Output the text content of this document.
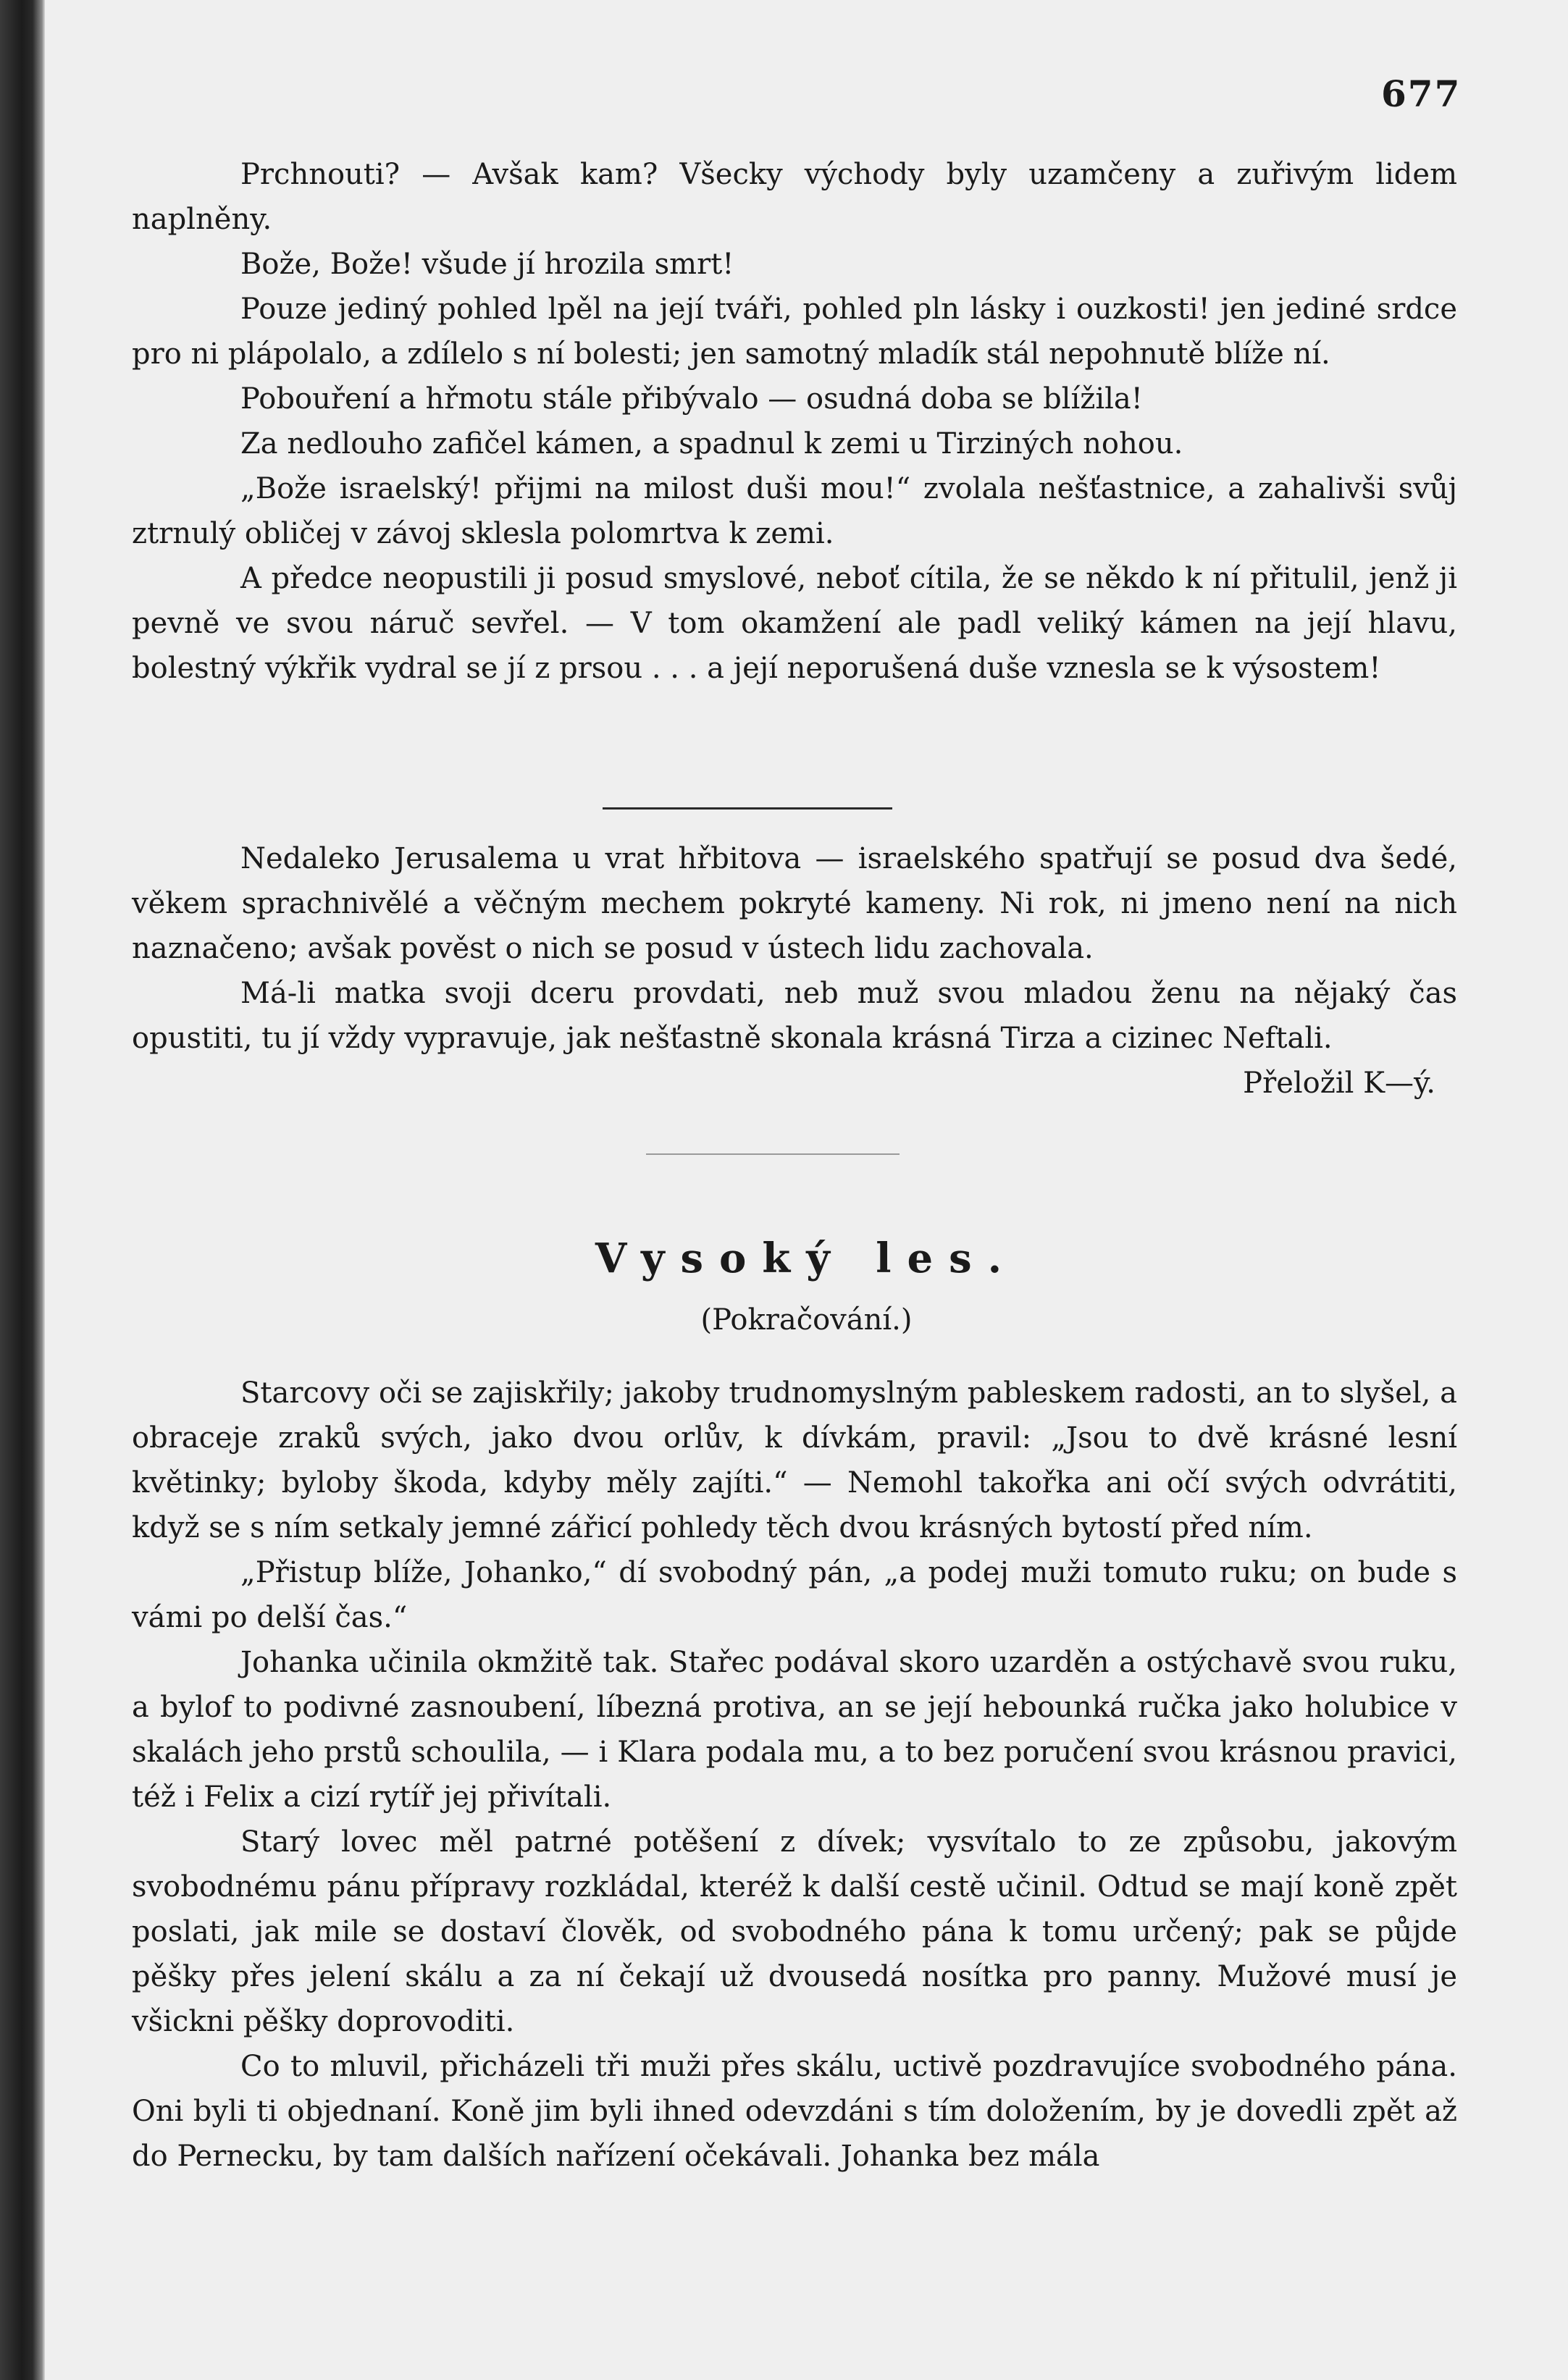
677

Prchnouti? — Avšak kam? Všecky východy byly uzamčeny a zuřivým lidem naplněny.

Bože, Bože! všude jí hrozila smrt!

Pouze jediný pohled lpěl na její tváři, pohled pln lásky i ouzkosti! jen jediné srdce pro ni plápolalo, a zdílelo s ní bolesti; jen samotný mladík stál nepohnutě blíže ní.

Pobouření a hřmotu stále přibývalo — osudná doba se blížila!

Za nedlouho zafičel kámen, a spadnul k zemi u Tirziných nohou.

„Bože israelský! přijmi na milost duši mou!“ zvolala nešťastnice, a zahalivši svůj ztrnulý obličej v závoj sklesla polomrtva k zemi.

A předce neopustili ji posud smyslové, neboť cítila, že se někdo k ní přitulil, jenž ji pevně ve svou náruč sevřel. — V tom okamžení ale padl veliký kámen na její hlavu, bolestný výkřik vydral se jí z prsou . . . a její neporušená duše vznesla se k výsostem!

Nedaleko Jerusalema u vrat hřbitova — israelského spatřují se posud dva šedé, věkem sprachnivělé a věčným mechem pokryté kameny. Ni rok, ni jmeno není na nich naznačeno; avšak pověst o nich se posud v ústech lidu zachovala.

Má-li matka svoji dceru provdati, neb muž svou mladou ženu na nějaký čas opustiti, tu jí vždy vypravuje, jak nešťastně skonala krásná Tirza a cizinec Neftali.

Přeložil K—ý.

Vysoký les.
(Pokračování.)

Starcovy oči se zajiskřily; jakoby trudnomyslným pableskem radosti, an to slyšel, a obraceje zraků svých, jako dvou orlův, k dívkám, pravil: „Jsou to dvě krásné lesní květinky; byloby škoda, kdyby měly zajíti.“ — Nemohl takořka ani očí svých odvrátiti, když se s ním setkaly jemné zářicí pohledy těch dvou krásných bytostí před ním.

„Přistup blíže, Johanko,“ dí svobodný pán, „a podej muži tomuto ruku; on bude s vámi po delší čas.“

Johanka učinila okmžitě tak. Stařec podával skoro uzarděn a ostýchavě svou ruku, a bylof to podivné zasnoubení, líbezná protiva, an se její hebounká ručka jako holubice v skalách jeho prstů schoulila, — i Klara podala mu, a to bez poručení svou krásnou pravici, též i Felix a cizí rytíř jej přivítali.

Starý lovec měl patrné potěšení z dívek; vysvítalo to ze způsobu, jakovým svobodnému pánu přípravy rozkládal, kteréž k další cestě učinil. Odtud se mají koně zpět poslati, jak mile se dostaví člověk, od svobodného pána k tomu určený; pak se půjde pěšky přes jelení skálu a za ní čekají už dvousedá nosítka pro panny. Mužové musí je všickni pěšky doprovoditi.

Co to mluvil, přicházeli tři muži přes skálu, uctivě pozdravujíce svobodného pána. Oni byli ti objednaní. Koně jim byli ihned odevzdáni s tím doložením, by je dovedli zpět až do Pernecku, by tam dalších nařízení očekávali. Johanka bez mála
